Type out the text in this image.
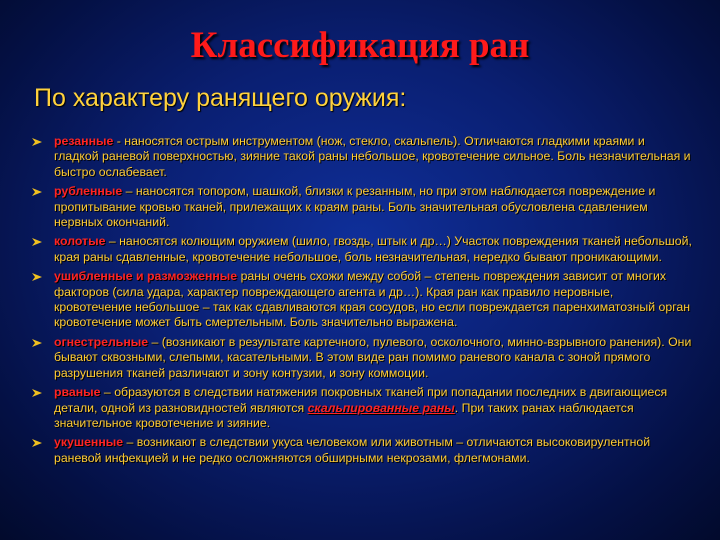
Классификация ран
По характеру ранящего оружия:
резанные - наносятся острым инструментом (нож, стекло, скальпель). Отличаются гладкими краями и гладкой раневой поверхностью, зияние такой раны небольшое, кровотечение сильное. Боль незначительная и быстро ослабевает.
рубленные – наносятся топором, шашкой, близки к резанным, но при этом наблюдается повреждение и пропитывание кровью тканей, прилежащих к краям раны. Боль значительная обусловлена сдавлением нервных окончаний.
колотые – наносятся колющим оружием (шило, гвоздь, штык и др…) Участок повреждения тканей небольшой, края раны сдавленные, кровотечение небольшое, боль незначительная, нередко бывают проникающими.
ушибленные и размозженные раны очень схожи между собой – степень повреждения зависит от многих факторов (сила удара, характер повреждающего агента и др…). Края ран как правило неровные, кровотечение небольшое – так как сдавливаются края сосудов, но если повреждается паренхиматозный орган кровотечение может быть смертельным. Боль значительно выражена.
огнестрельные – (возникают в результате картечного, пулевого, осколочного, минно-взрывного ранения). Они бывают сквозными, слепыми, касательными. В этом виде ран помимо раневого канала с зоной прямого разрушения тканей различают и зону контузии, и зону коммоции.
рваные – образуются в следствии натяжения покровных тканей при попадании последних в двигающиеся детали, одной из разновидностей являются скальпированные раны. При таких ранах наблюдается значительное кровотечение и зияние.
укушенные – возникают в следствии укуса человеком или животным – отличаются высоковирулентной раневой инфекцией и не редко осложняются обширными некрозами, флегмонами.
